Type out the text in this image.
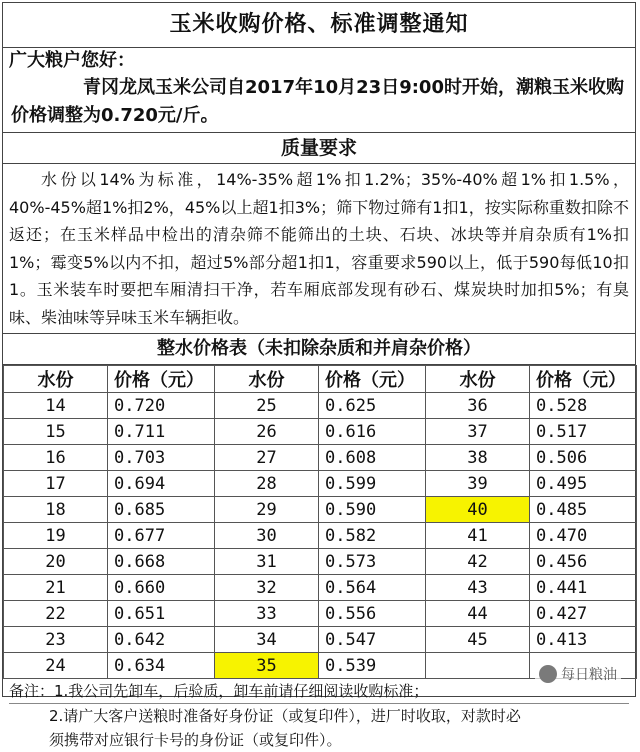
玉米收购价格、标准调整通知
广大粮户您好：
青冈龙凤玉米公司自2017年10月23日9:00时开始，潮粮玉米收购价格调整为0.720元/斤。
质量要求
水份以14%为标准，14%-35%超1%扣1.2%；35%-40%超1%扣1.5%，40%-45%超1%扣2%，45%以上超1扣3%；筛下物过筛有1扣1，按实际称重数扣除不返还；在玉米样品中检出的清杂筛不能筛出的土块、石块、冰块等并肩杂质有1%扣1%；霉变5%以内不扣，超过5%部分超1扣1，容重要求590以上，低于590每低10扣1。玉米装车时要把车厢清扫干净，若车厢底部发现有砂石、煤炭块时加扣5%；有臭味、柴油味等异味玉米车辆拒收。
整水价格表（未扣除杂质和并肩杂价格）
水份	价格（元）	水份	价格（元）	水份	价格（元）
14	0.720	25	0.625	36	0.528
15	0.711	26	0.616	37	0.517
16	0.703	27	0.608	38	0.506
17	0.694	28	0.599	39	0.495
18	0.685	29	0.590	40	0.485
19	0.677	30	0.582	41	0.470
20	0.668	31	0.573	42	0.456
21	0.660	32	0.564	43	0.441
22	0.651	33	0.556	44	0.427
23	0.642	34	0.547	45	0.413
24	0.634	35	0.539		
备注：1.我公司先卸车，后验质，卸车前请仔细阅读收购标准；
2.请广大客户送粮时准备好身份证（或复印件），进厂时收取，对款时必
须携带对应银行卡号的身份证（或复印件）。
每日粮油
